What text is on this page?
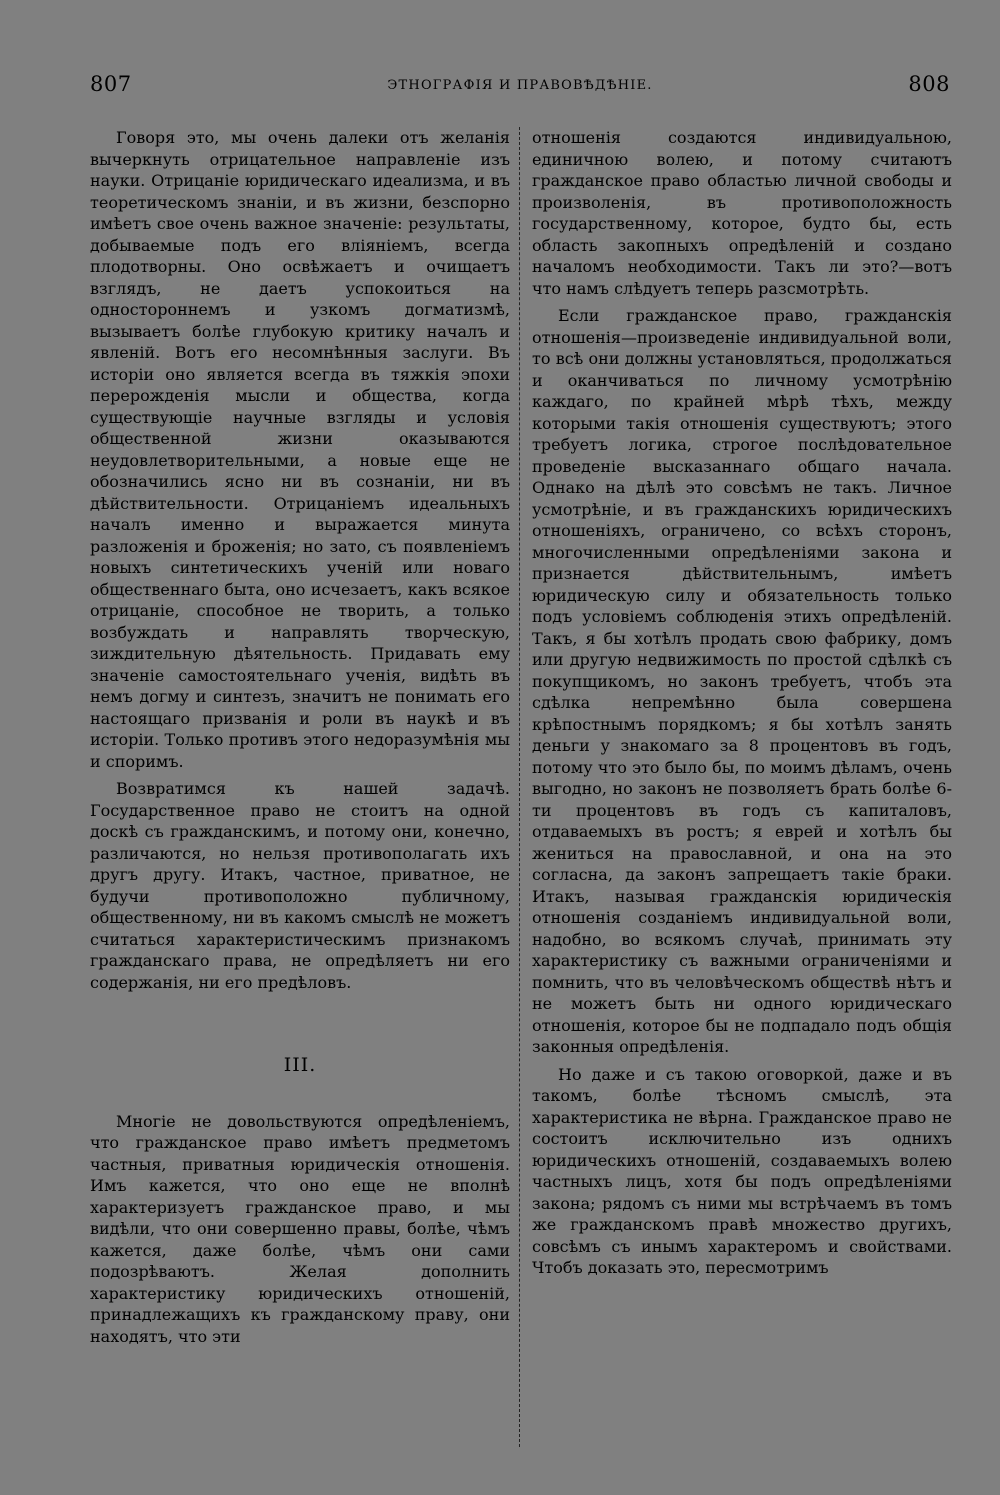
807	ЭТНОГРАФІЯ И ПРАВОВѢДѢНІЕ.	808

Говоря это, мы очень далеки отъ желанія вычеркнуть отрицательное направленіе изъ науки. Отрицаніе юридическаго идеализма, и въ теоретическомъ знаніи, и въ жизни, безспорно имѣетъ свое очень важное значеніе: результаты, добываемые подъ его вліяніемъ, всегда плодотворны. Оно освѣжаетъ и очищаетъ взглядъ, не даетъ успокоиться на одностороннемъ и узкомъ догматизмѣ, вызываетъ болѣе глубокую критику началъ и явленій. Вотъ его несомнѣнныя заслуги. Въ исторіи оно является всегда въ тяжкія эпохи перерожденія мысли и общества, когда существующіе научные взгляды и условія общественной жизни оказываются неудовлетворительными, а новые еще не обозначились ясно ни въ сознаніи, ни въ дѣйствительности. Отрицаніемъ идеальныхъ началъ именно и выражается минута разложенія и броженія; но зато, съ появленіемъ новыхъ синтетическихъ ученій или новаго общественнаго быта, оно исчезаетъ, какъ всякое отрицаніе, способное не творить, а только возбуждать и направлять творческую, зиждительную дѣятельность. Придавать ему значеніе самостоятельнаго ученія, видѣть въ немъ догму и синтезъ, значитъ не понимать его настоящаго призванія и роли въ наукѣ и въ исторіи. Только противъ этого недоразумѣнія мы и споримъ.

Возвратимся къ нашей задачѣ. Государственное право не стоитъ на одной доскѣ съ гражданскимъ, и потому они, конечно, различаются, но нельзя противополагать ихъ другъ другу. Итакъ, частное, приватное, не будучи противоположно публичному, общественному, ни въ какомъ смыслѣ не можетъ считаться характеристическимъ признакомъ гражданскаго права, не опредѣляетъ ни его содержанія, ни его предѣловъ.

III.

Многіе не довольствуются опредѣленіемъ, что гражданское право имѣетъ предметомъ частныя, приватныя юридическія отношенія. Имъ кажется, что оно еще не вполнѣ характеризуетъ гражданское право, и мы видѣли, что они совершенно правы, болѣе, чѣмъ кажется, даже болѣе, чѣмъ они сами подозрѣваютъ. Желая дополнить характеристику юридическихъ отношеній, принадлежащихъ къ гражданскому праву, они находятъ, что эти

отношенія создаются индивидуальною, единичною волею, и потому считаютъ гражданское право областью личной свободы и произволенія, въ противоположность государственному, которое, будто бы, есть область закопныхъ опредѣленій и создано началомъ необходимости. Такъ ли это?—вотъ что намъ слѣдуетъ теперь разсмотрѣть.

Если гражданское право, гражданскія отношенія—произведеніе индивидуальной воли, то всѣ они должны установляться, продолжаться и оканчиваться по личному усмотрѣнію каждаго, по крайней мѣрѣ тѣхъ, между которыми такія отношенія существуютъ; этого требуетъ логика, строгое послѣдовательное проведеніе высказаннаго общаго начала. Однако на дѣлѣ это совсѣмъ не такъ. Личное усмотрѣніе, и въ гражданскихъ юридическихъ отношеніяхъ, ограничено, со всѣхъ сторонъ, многочисленными опредѣленіями закона и признается дѣйствительнымъ, имѣетъ юридическую силу и обязательность только подъ условіемъ соблюденія этихъ опредѣленій. Такъ, я бы хотѣлъ продать свою фабрику, домъ или другую недвижимость по простой сдѣлкѣ съ покупщикомъ, но законъ требуетъ, чтобъ эта сдѣлка непремѣнно была совершена крѣпостнымъ порядкомъ; я бы хотѣлъ занять деньги у знакомаго за 8 процентовъ въ годъ, потому что это было бы, по моимъ дѣламъ, очень выгодно, но законъ не позволяетъ брать болѣе 6-ти процентовъ въ годъ съ капиталовъ, отдаваемыхъ въ ростъ; я еврей и хотѣлъ бы жениться на православной, и она на это согласна, да законъ запрещаетъ такіе браки. Итакъ, называя гражданскія юридическія отношенія созданіемъ индивидуальной воли, надобно, во всякомъ случаѣ, принимать эту характеристику съ важными ограниченіями и помнить, что въ человѣческомъ обществѣ нѣтъ и не можетъ быть ни одного юридическаго отношенія, которое бы не подпадало подъ общія законныя опредѣленія.

Но даже и съ такою оговоркой, даже и въ такомъ, болѣе тѣсномъ смыслѣ, эта характеристика не вѣрна. Гражданское право не состоитъ исключительно изъ однихъ юридическихъ отношеній, создаваемыхъ волею частныхъ лицъ, хотя бы подъ опредѣленіями закона; рядомъ съ ними мы встрѣчаемъ въ томъ же гражданскомъ правѣ множество другихъ, совсѣмъ съ инымъ характеромъ и свойствами. Чтобъ доказать это, пересмотримъ
